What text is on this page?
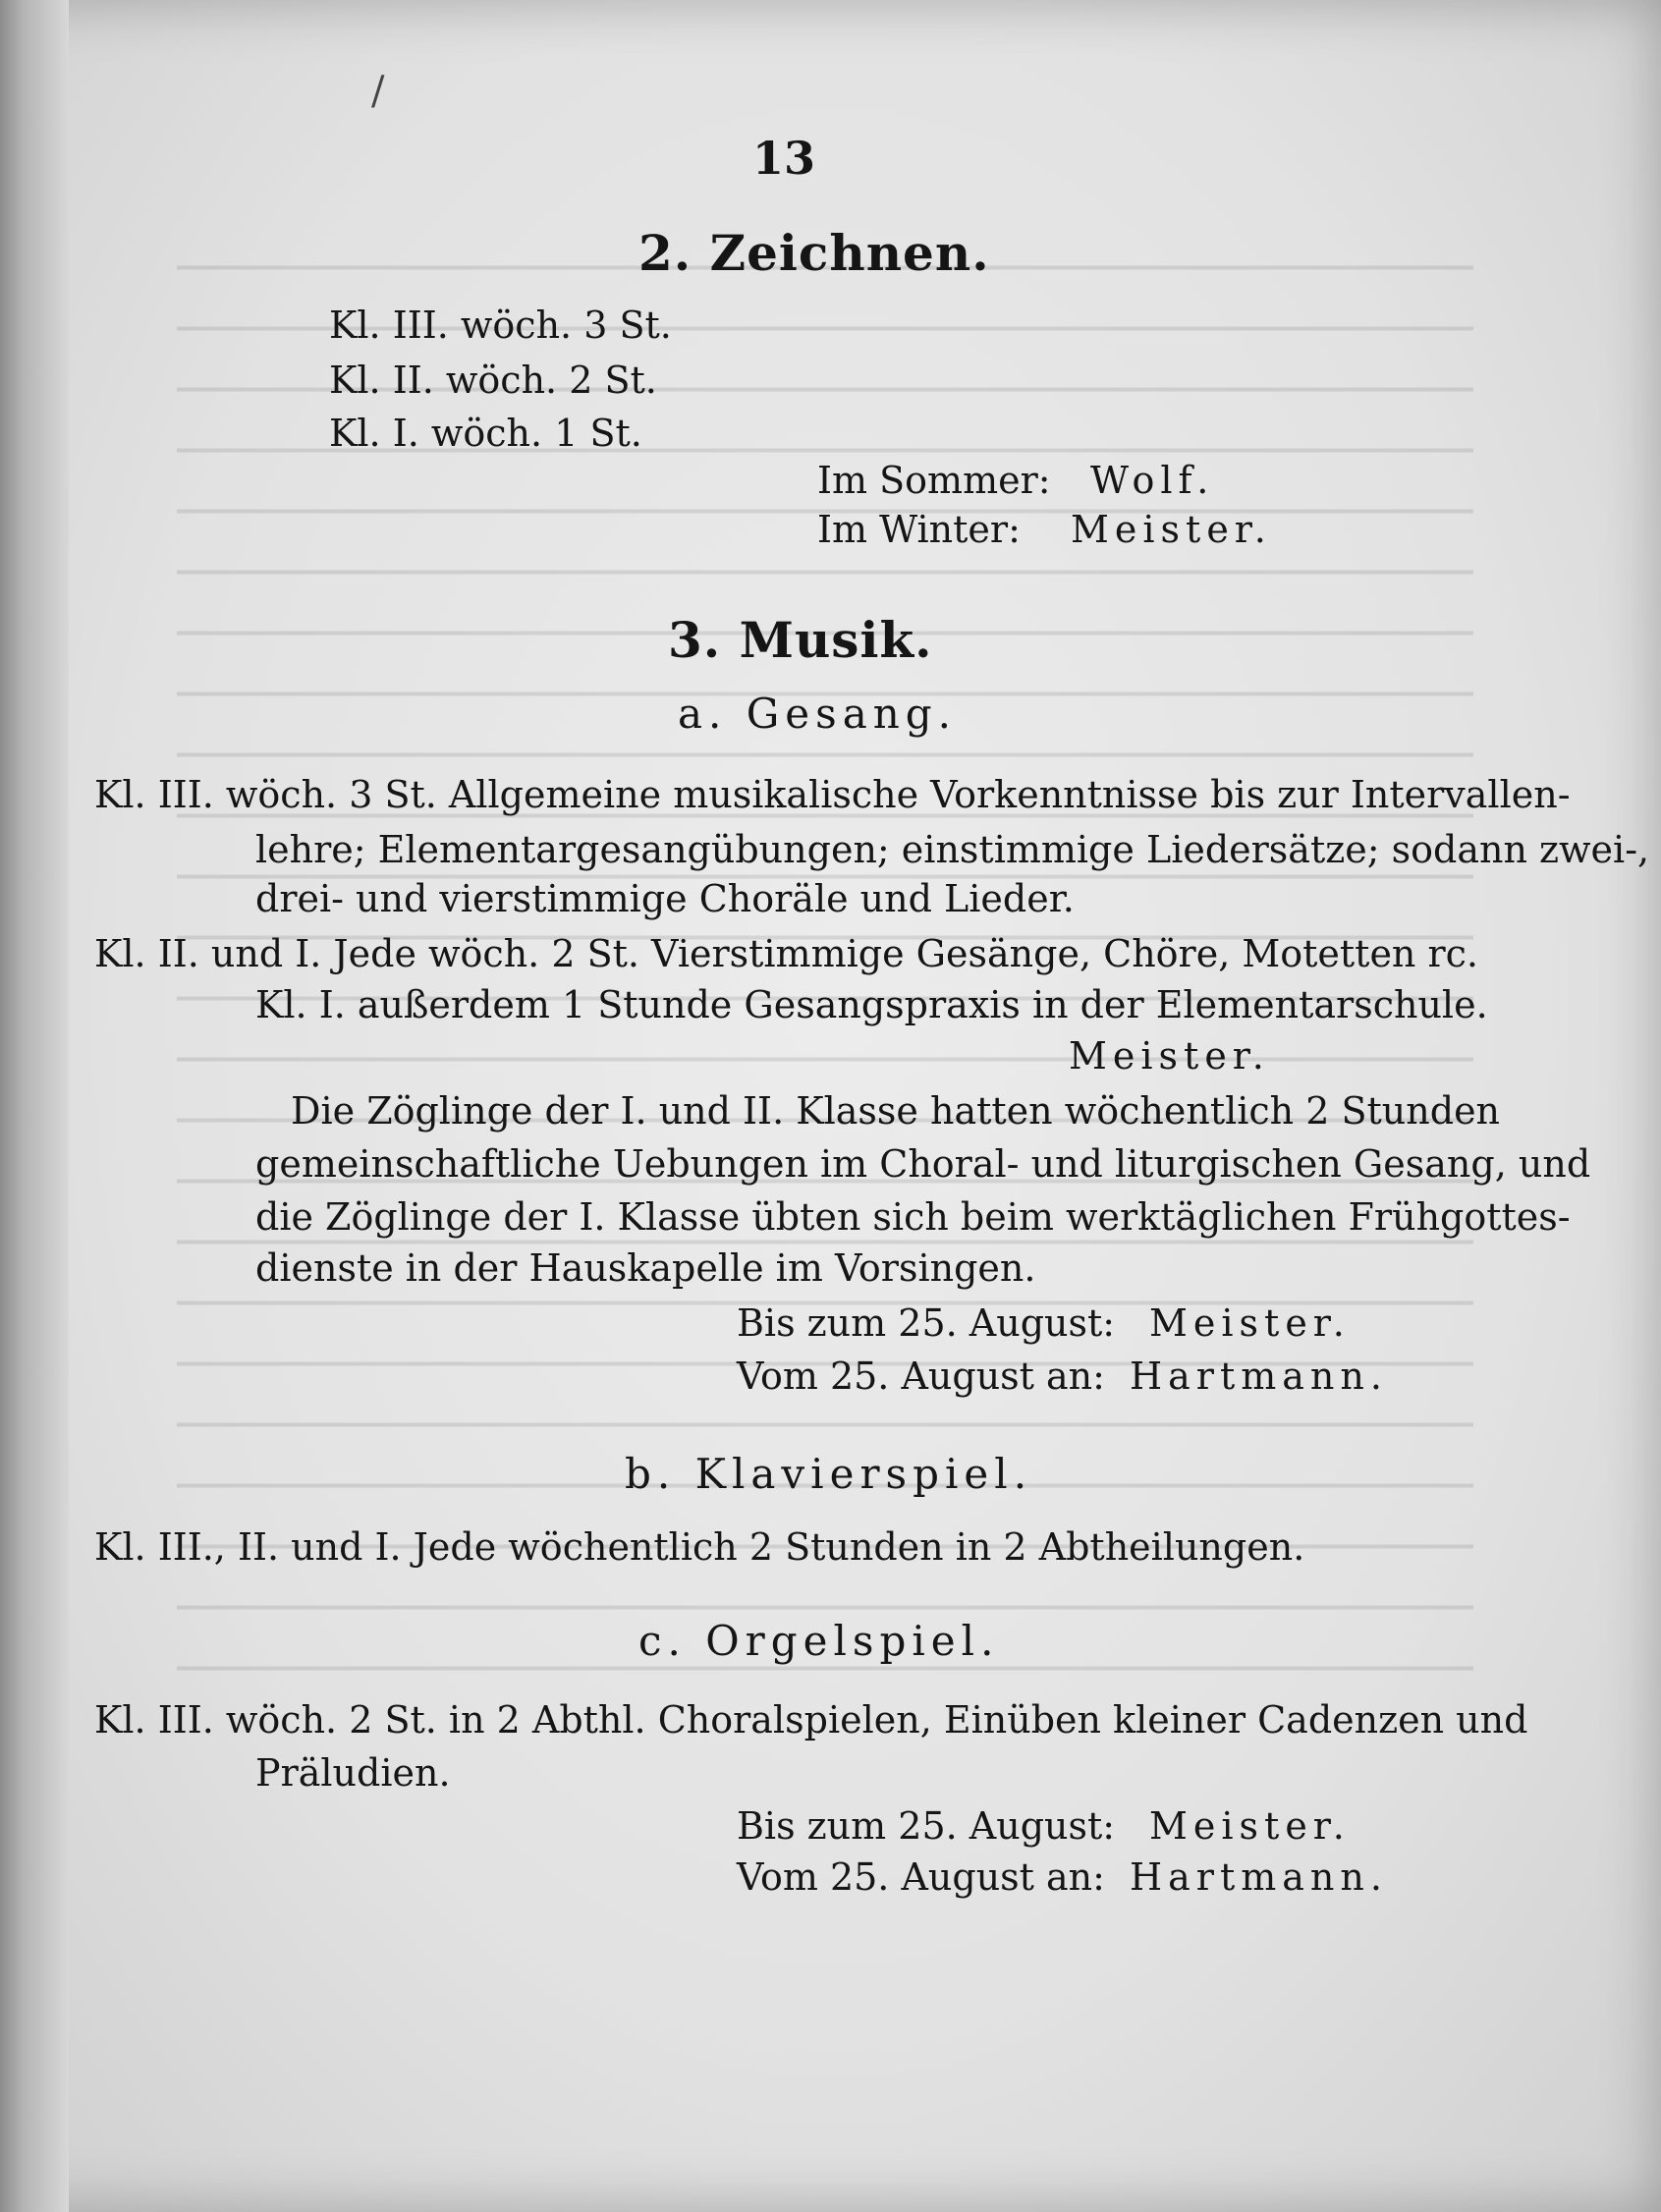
/
13
2. Zeichnen.
Kl. III. wöch. 3 St.
Kl. II. wöch. 2 St.
Kl. I. wöch. 1 St.
Im Sommer: Wolf.
Im Winter: Meister.
3. Musik.
a. Gesang.
Kl. III. wöch. 3 St. Allgemeine musikalische Vorkenntnisse bis zur Intervallen-
lehre; Elementargesangübungen; einstimmige Liedersätze; sodann zwei-,
drei- und vierstimmige Choräle und Lieder.
Kl. II. und I. Jede wöch. 2 St. Vierstimmige Gesänge, Chöre, Motetten rc.
Kl. I. außerdem 1 Stunde Gesangspraxis in der Elementarschule.
Meister.
Die Zöglinge der I. und II. Klasse hatten wöchentlich 2 Stunden
gemeinschaftliche Uebungen im Choral- und liturgischen Gesang, und
die Zöglinge der I. Klasse übten sich beim werktäglichen Frühgottes-
dienste in der Hauskapelle im Vorsingen.
Bis zum 25. August: Meister.
Vom 25. August an: Hartmann.
b. Klavierspiel.
Kl. III., II. und I. Jede wöchentlich 2 Stunden in 2 Abtheilungen.
c. Orgelspiel.
Kl. III. wöch. 2 St. in 2 Abthl. Choralspielen, Einüben kleiner Cadenzen und
Präludien.
Bis zum 25. August: Meister.
Vom 25. August an: Hartmann.
